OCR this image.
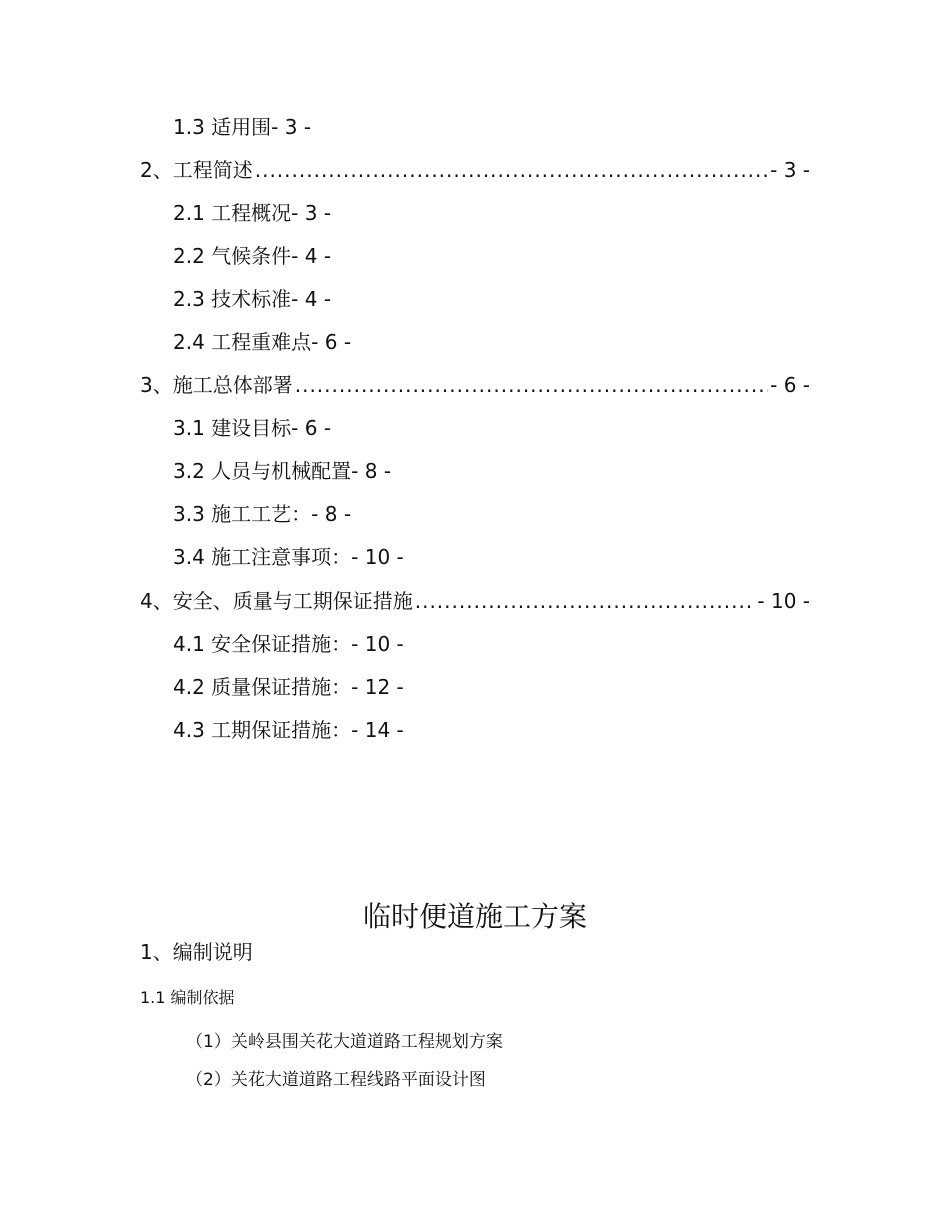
1.3 适用围- 3 -
2、工程简述 .....	- 3 -
2.1 工程概况- 3 -
2.2 气候条件- 4 -
2.3 技术标准- 4 -
2.4 工程重难点- 6 -
3、施工总体部署 .....	- 6 -
3.1 建设目标- 6 -
3.2 人员与机械配置- 8 -
3.3 施工工艺：- 8 -
3.4 施工注意事项：- 10 -
4、安全、质量与工期保证措施 .....	- 10 -
4.1 安全保证措施：- 10 -
4.2 质量保证措施：- 12 -
4.3 工期保证措施：- 14 -
临时便道施工方案
1、编制说明
1.1 编制依据
（1）关岭县围关花大道道路工程规划方案
（2）关花大道道路工程线路平面设计图
